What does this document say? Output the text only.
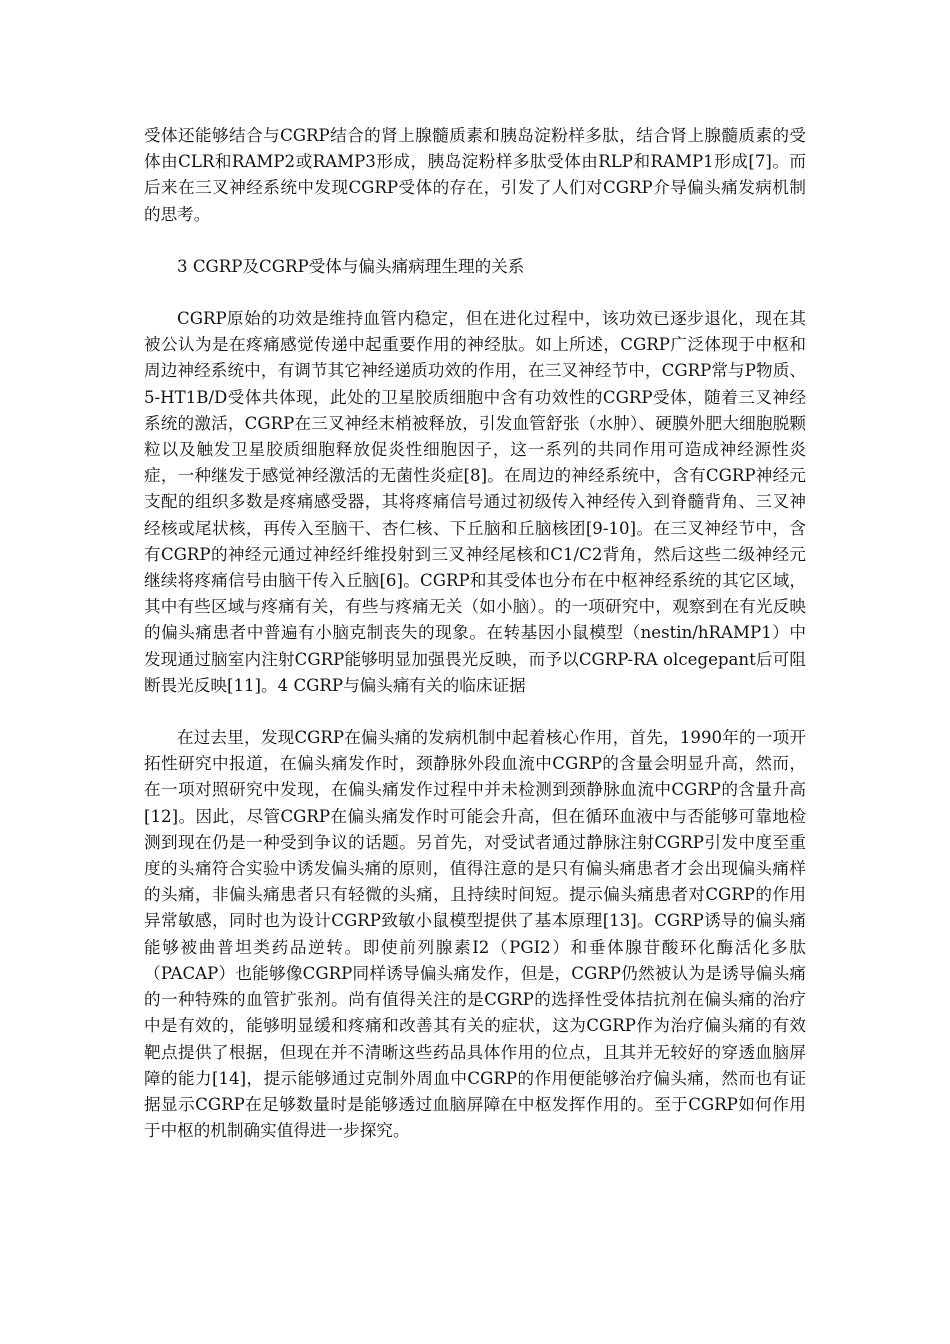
受体还能够结合与CGRP结合的肾上腺髓质素和胰岛淀粉样多肽，结合肾上腺髓质素的受体由CLR和RAMP2或RAMP3形成，胰岛淀粉样多肽受体由RLP和RAMP1形成[7]。而后来在三叉神经系统中发现CGRP受体的存在，引发了人们对CGRP介导偏头痛发病机制的思考。

3 CGRP及CGRP受体与偏头痛病理生理的关系

CGRP原始的功效是维持血管内稳定，但在进化过程中，该功效已逐步退化，现在其被公认为是在疼痛感觉传递中起重要作用的神经肽。如上所述，CGRP广泛体现于中枢和周边神经系统中，有调节其它神经递质功效的作用，在三叉神经节中，CGRP常与P物质、5-HT1B/D受体共体现，此处的卫星胶质细胞中含有功效性的CGRP受体，随着三叉神经系统的激活，CGRP在三叉神经末梢被释放，引发血管舒张（水肿）、硬膜外肥大细胞脱颗粒以及触发卫星胶质细胞释放促炎性细胞因子，这一系列的共同作用可造成神经源性炎症，一种继发于感觉神经激活的无菌性炎症[8]。在周边的神经系统中，含有CGRP神经元支配的组织多数是疼痛感受器，其将疼痛信号通过初级传入神经传入到脊髓背角、三叉神经核或尾状核，再传入至脑干、杏仁核、下丘脑和丘脑核团[9-10]。在三叉神经节中，含有CGRP的神经元通过神经纤维投射到三叉神经尾核和C1/C2背角，然后这些二级神经元继续将疼痛信号由脑干传入丘脑[6]。CGRP和其受体也分布在中枢神经系统的其它区域，其中有些区域与疼痛有关，有些与疼痛无关（如小脑）。的一项研究中，观察到在有光反映的偏头痛患者中普遍有小脑克制丧失的现象。在转基因小鼠模型（nestin/hRAMP1）中发现通过脑室内注射CGRP能够明显加强畏光反映，而予以CGRP-RA olcegepant后可阻断畏光反映[11]。4 CGRP与偏头痛有关的临床证据

在过去里，发现CGRP在偏头痛的发病机制中起着核心作用，首先，1990年的一项开拓性研究中报道，在偏头痛发作时，颈静脉外段血流中CGRP的含量会明显升高，然而，在一项对照研究中发现，在偏头痛发作过程中并未检测到颈静脉血流中CGRP的含量升高[12]。因此，尽管CGRP在偏头痛发作时可能会升高，但在循环血液中与否能够可靠地检测到现在仍是一种受到争议的话题。另首先，对受试者通过静脉注射CGRP引发中度至重度的头痛符合实验中诱发偏头痛的原则，值得注意的是只有偏头痛患者才会出现偏头痛样的头痛，非偏头痛患者只有轻微的头痛，且持续时间短。提示偏头痛患者对CGRP的作用异常敏感，同时也为设计CGRP致敏小鼠模型提供了基本原理[13]。CGRP诱导的偏头痛能够被曲普坦类药品逆转。即使前列腺素I2（PGI2）和垂体腺苷酸环化酶活化多肽（PACAP）也能够像CGRP同样诱导偏头痛发作，但是，CGRP仍然被认为是诱导偏头痛的一种特殊的血管扩张剂。尚有值得关注的是CGRP的选择性受体拮抗剂在偏头痛的治疗中是有效的，能够明显缓和疼痛和改善其有关的症状，这为CGRP作为治疗偏头痛的有效靶点提供了根据，但现在并不清晰这些药品具体作用的位点，且其并无较好的穿透血脑屏障的能力[14]，提示能够通过克制外周血中CGRP的作用便能够治疗偏头痛，然而也有证据显示CGRP在足够数量时是能够透过血脑屏障在中枢发挥作用的。至于CGRP如何作用于中枢的机制确实值得进一步探究。
